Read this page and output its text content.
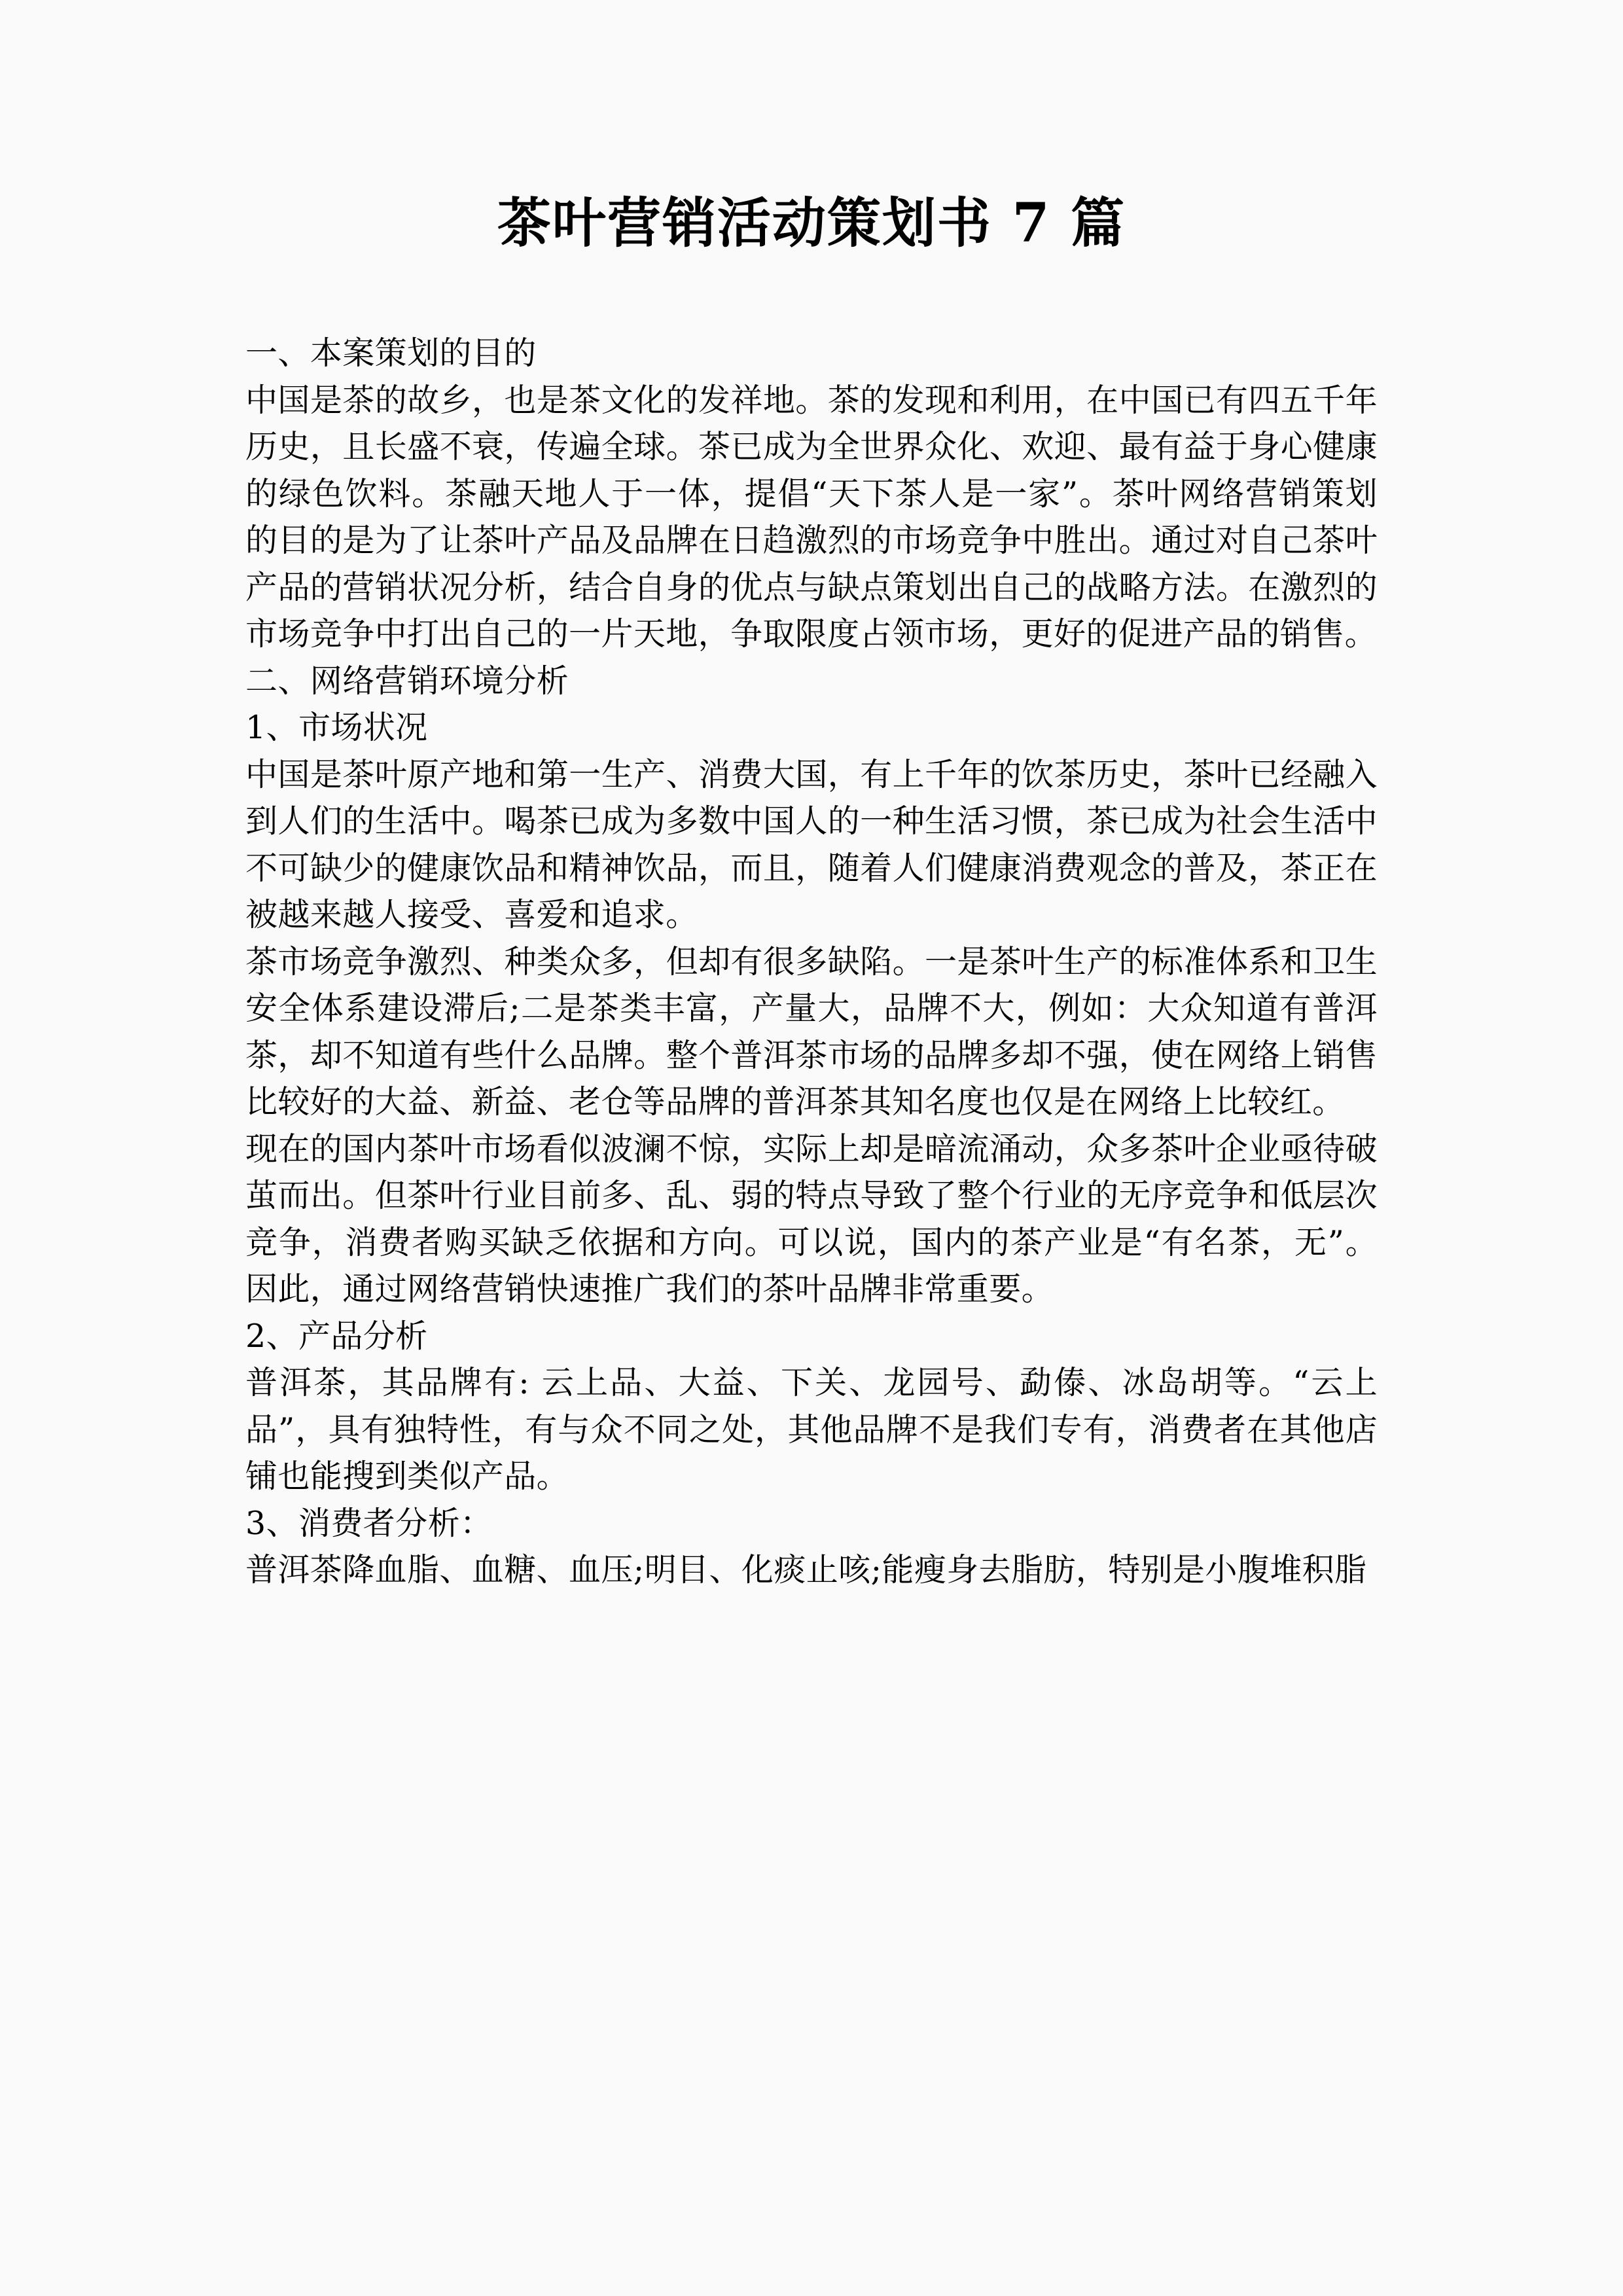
茶叶营销活动策划书 7 篇

一、本案策划的目的

中国是茶的故乡，也是茶文化的发祥地。茶的发现和利用，在中国已有四五千年历史，且长盛不衰，传遍全球。茶已成为全世界众化、欢迎、最有益于身心健康的绿色饮料。茶融天地人于一体，提倡“天下茶人是一家”。茶叶网络营销策划的目的是为了让茶叶产品及品牌在日趋激烈的市场竞争中胜出。通过对自己茶叶产品的营销状况分析，结合自身的优点与缺点策划出自己的战略方法。在激烈的市场竞争中打出自己的一片天地，争取限度占领市场，更好的促进产品的销售。

二、网络营销环境分析

1、市场状况

中国是茶叶原产地和第一生产、消费大国，有上千年的饮茶历史，茶叶已经融入到人们的生活中。喝茶已成为多数中国人的一种生活习惯，茶已成为社会生活中不可缺少的健康饮品和精神饮品，而且，随着人们健康消费观念的普及，茶正在被越来越人接受、喜爱和追求。

茶市场竞争激烈、种类众多，但却有很多缺陷。一是茶叶生产的标准体系和卫生安全体系建设滞后;二是茶类丰富，产量大，品牌不大，例如：大众知道有普洱茶，却不知道有些什么品牌。整个普洱茶市场的品牌多却不强，使在网络上销售比较好的大益、新益、老仓等品牌的普洱茶其知名度也仅是在网络上比较红。

现在的国内茶叶市场看似波澜不惊，实际上却是暗流涌动，众多茶叶企业亟待破茧而出。但茶叶行业目前多、乱、弱的特点导致了整个行业的无序竞争和低层次竞争，消费者购买缺乏依据和方向。可以说，国内的茶产业是“有名茶，无”。因此，通过网络营销快速推广我们的茶叶品牌非常重要。

2、产品分析

普洱茶，其品牌有: 云上品、大益、下关、龙园号、勐傣、冰岛胡等。“云上品”，具有独特性，有与众不同之处，其他品牌不是我们专有，消费者在其他店铺也能搜到类似产品。

3、消费者分析：

普洱茶降血脂、血糖、血压;明目、化痰止咳;能瘦身去脂肪，特别是小腹堆积脂
